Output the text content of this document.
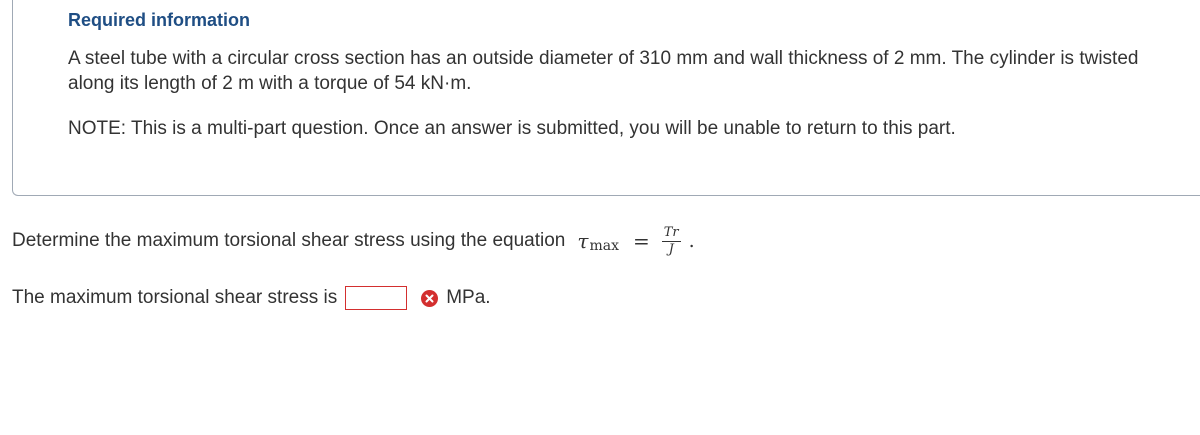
Required information
A steel tube with a circular cross section has an outside diameter of 310 mm and wall thickness of 2 mm. The cylinder is twisted along its length of 2 m with a torque of 54 kN·m.
NOTE: This is a multi-part question. Once an answer is submitted, you will be unable to return to this part.
Determine the maximum torsional shear stress using the equation τ $\max = \frac{Tr}{J}$ .
The maximum torsional shear stress is	MPa.
